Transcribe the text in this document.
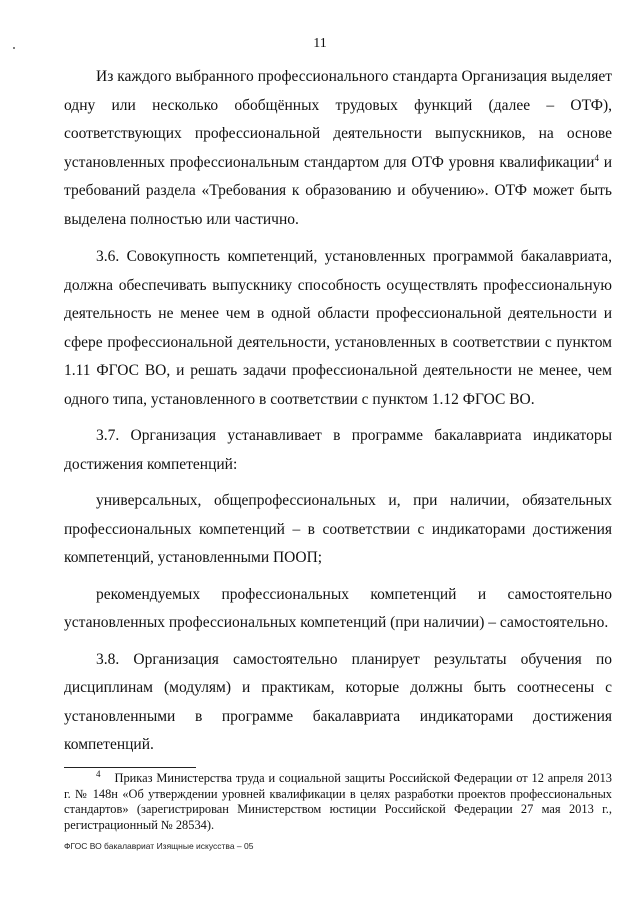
11

Из каждого выбранного профессионального стандарта Организация выделяет одну или несколько обобщённых трудовых функций (далее – ОТФ), соответствующих профессиональной деятельности выпускников, на основе установленных профессиональным стандартом для ОТФ уровня квалификации$^4$ и требований раздела «Требования к образованию и обучению». ОТФ может быть выделена полностью или частично.

3.6. Совокупность компетенций, установленных программой бакалавриата, должна обеспечивать выпускнику способность осуществлять профессиональную деятельность не менее чем в одной области профессиональной деятельности и сфере профессиональной деятельности, установленных в соответствии с пунктом 1.11 ФГОС ВО, и решать задачи профессиональной деятельности не менее, чем одного типа, установленного в соответствии с пунктом 1.12 ФГОС ВО.

3.7. Организация устанавливает в программе бакалавриата индикаторы достижения компетенций:

универсальных, общепрофессиональных и, при наличии, обязательных профессиональных компетенций – в соответствии с индикаторами достижения компетенций, установленными ПООП;

рекомендуемых профессиональных компетенций и самостоятельно установленных профессиональных компетенций (при наличии) – самостоятельно.

3.8. Организация самостоятельно планирует результаты обучения по дисциплинам (модулям) и практикам, которые должны быть соотнесены с установленными в программе бакалавриата индикаторами достижения компетенций.

$^4$ Приказ Министерства труда и социальной защиты Российской Федерации от 12 апреля 2013 г. № 148н «Об утверждении уровней квалификации в целях разработки проектов профессиональных стандартов» (зарегистрирован Министерством юстиции Российской Федерации 27 мая 2013 г., регистрационный № 28534).
ФГОС ВО бакалавриат Изящные искусства – 05
